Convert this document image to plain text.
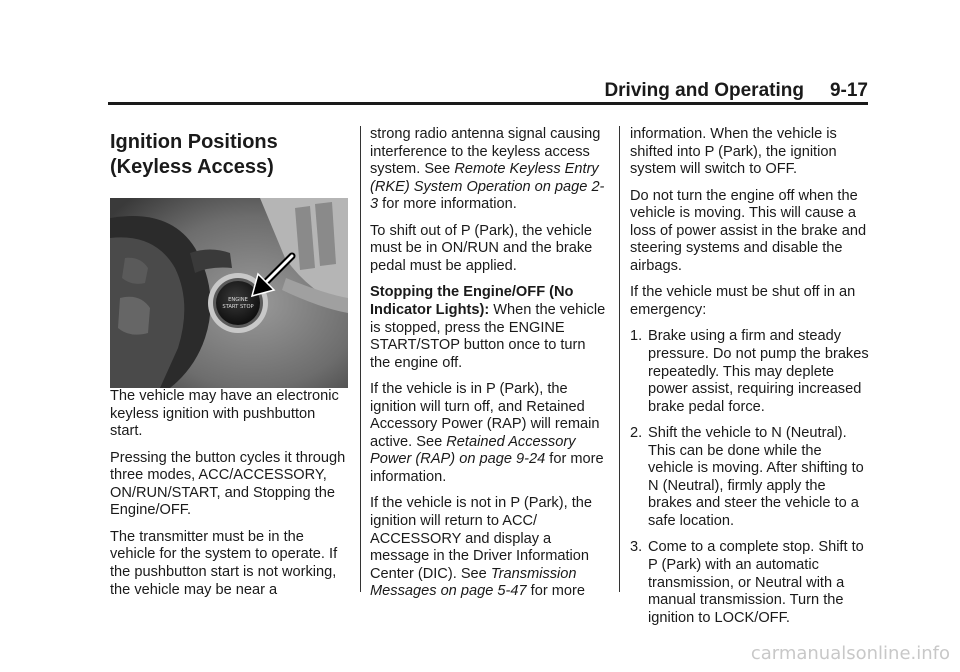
Driving and Operating 9-17
Ignition Positions
(Keyless Access)
ENGINE
START STOP

The vehicle may have an electronic keyless ignition with pushbutton start.

Pressing the button cycles it through three modes, ACC/ACCESSORY, ON/RUN/START, and Stopping the Engine/OFF.

The transmitter must be in the vehicle for the system to operate. If the pushbutton start is not working, the vehicle may be near a

strong radio antenna signal causing interference to the keyless access system. See Remote Keyless Entry (RKE) System Operation on page 2-3 for more information.

To shift out of P (Park), the vehicle must be in ON/RUN and the brake pedal must be applied.

Stopping the Engine/OFF (No Indicator Lights): When the vehicle is stopped, press the ENGINE START/STOP button once to turn the engine off.

If the vehicle is in P (Park), the ignition will turn off, and Retained Accessory Power (RAP) will remain active. See Retained Accessory Power (RAP) on page 9-24 for more information.

If the vehicle is not in P (Park), the ignition will return to ACC/ ACCESSORY and display a message in the Driver Information Center (DIC). See Transmission Messages on page 5-47 for more

information. When the vehicle is shifted into P (Park), the ignition system will switch to OFF.

Do not turn the engine off when the vehicle is moving. This will cause a loss of power assist in the brake and steering systems and disable the airbags.

If the vehicle must be shut off in an emergency:

1. Brake using a firm and steady pressure. Do not pump the brakes repeatedly. This may deplete power assist, requiring increased brake pedal force.
2. Shift the vehicle to N (Neutral). This can be done while the vehicle is moving. After shifting to N (Neutral), firmly apply the brakes and steer the vehicle to a safe location.
3. Come to a complete stop. Shift to P (Park) with an automatic transmission, or Neutral with a manual transmission. Turn the ignition to LOCK/OFF.
carmanualsonline.info
